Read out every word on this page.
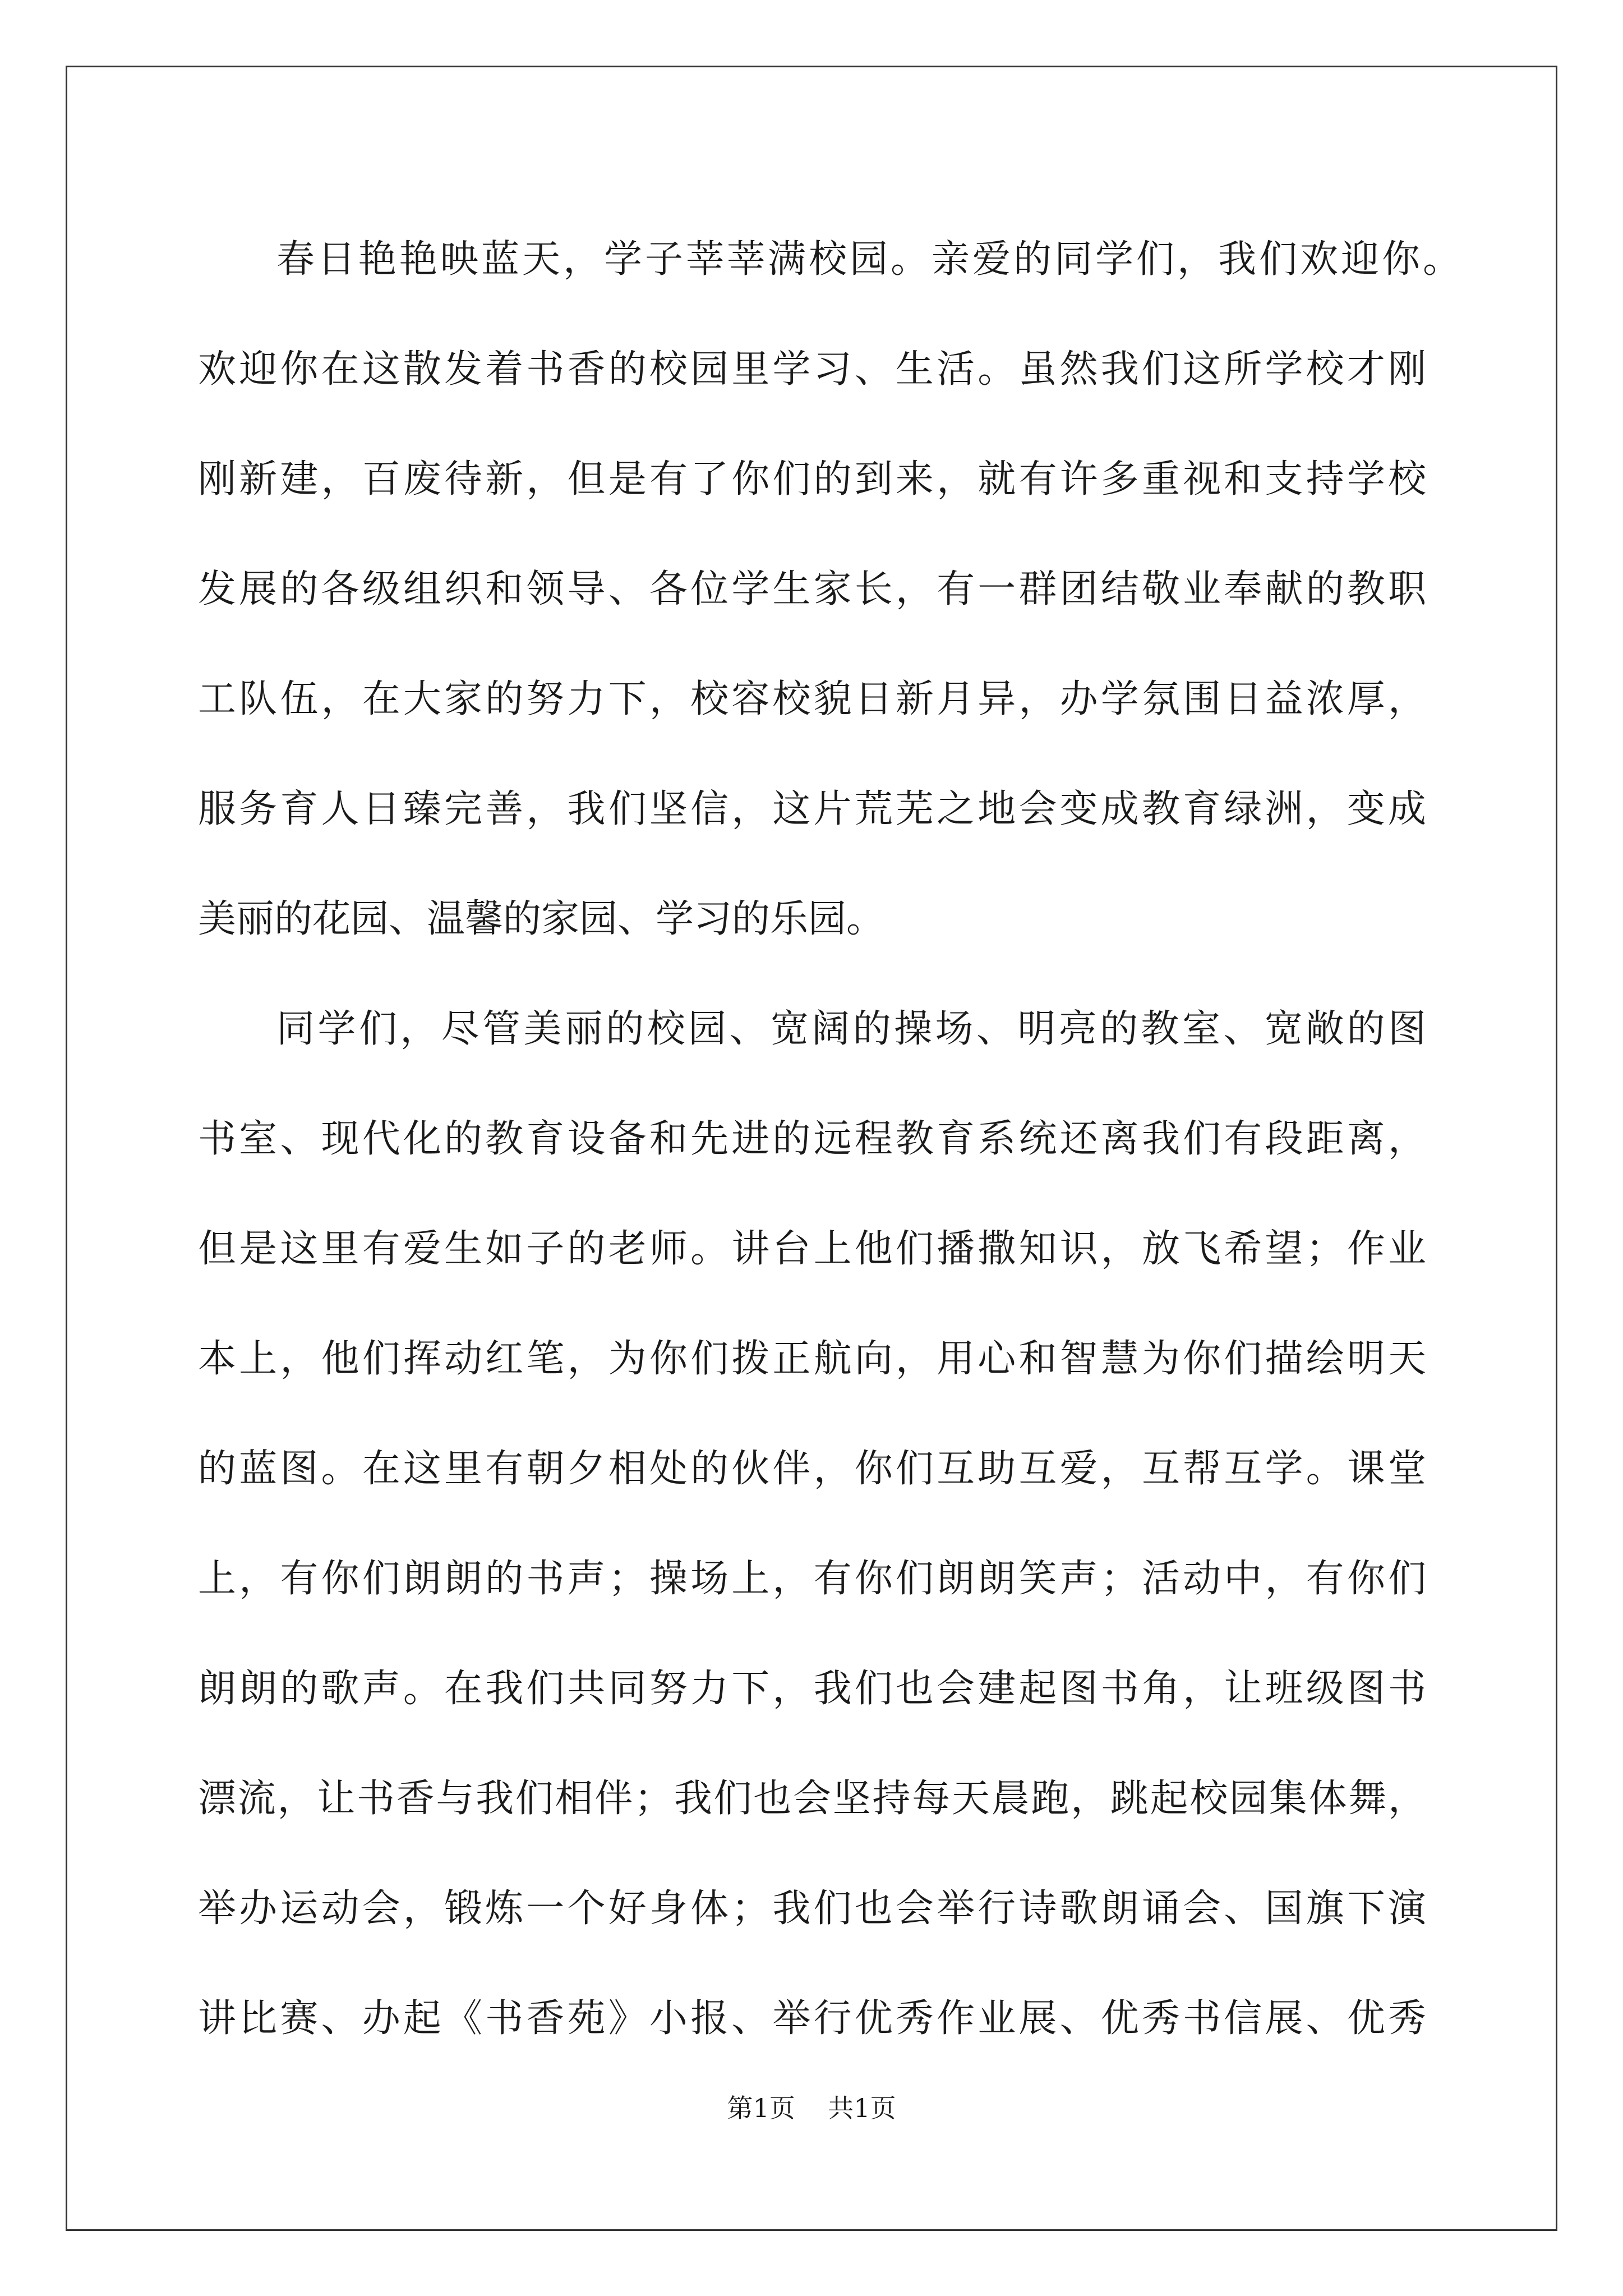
春日艳艳映蓝天，学子莘莘满校园。亲爱的同学们，我们欢迎你。
欢迎你在这散发着书香的校园里学习、生活。虽然我们这所学校才刚
刚新建，百废待新，但是有了你们的到来，就有许多重视和支持学校
发展的各级组织和领导、各位学生家长，有一群团结敬业奉献的教职
工队伍，在大家的努力下，校容校貌日新月异，办学氛围日益浓厚，
服务育人日臻完善，我们坚信，这片荒芜之地会变成教育绿洲，变成
美丽的花园、温馨的家园、学习的乐园。
同学们，尽管美丽的校园、宽阔的操场、明亮的教室、宽敞的图
书室、现代化的教育设备和先进的远程教育系统还离我们有段距离，
但是这里有爱生如子的老师。讲台上他们播撒知识，放飞希望；作业
本上，他们挥动红笔，为你们拨正航向，用心和智慧为你们描绘明天
的蓝图。在这里有朝夕相处的伙伴，你们互助互爱，互帮互学。课堂
上，有你们朗朗的书声；操场上，有你们朗朗笑声；活动中，有你们
朗朗的歌声。在我们共同努力下，我们也会建起图书角，让班级图书
漂流，让书香与我们相伴；我们也会坚持每天晨跑，跳起校园集体舞，
举办运动会，锻炼一个好身体；我们也会举行诗歌朗诵会、国旗下演
讲比赛、办起《书香苑》小报、举行优秀作业展、优秀书信展、优秀
第1页    共1页
